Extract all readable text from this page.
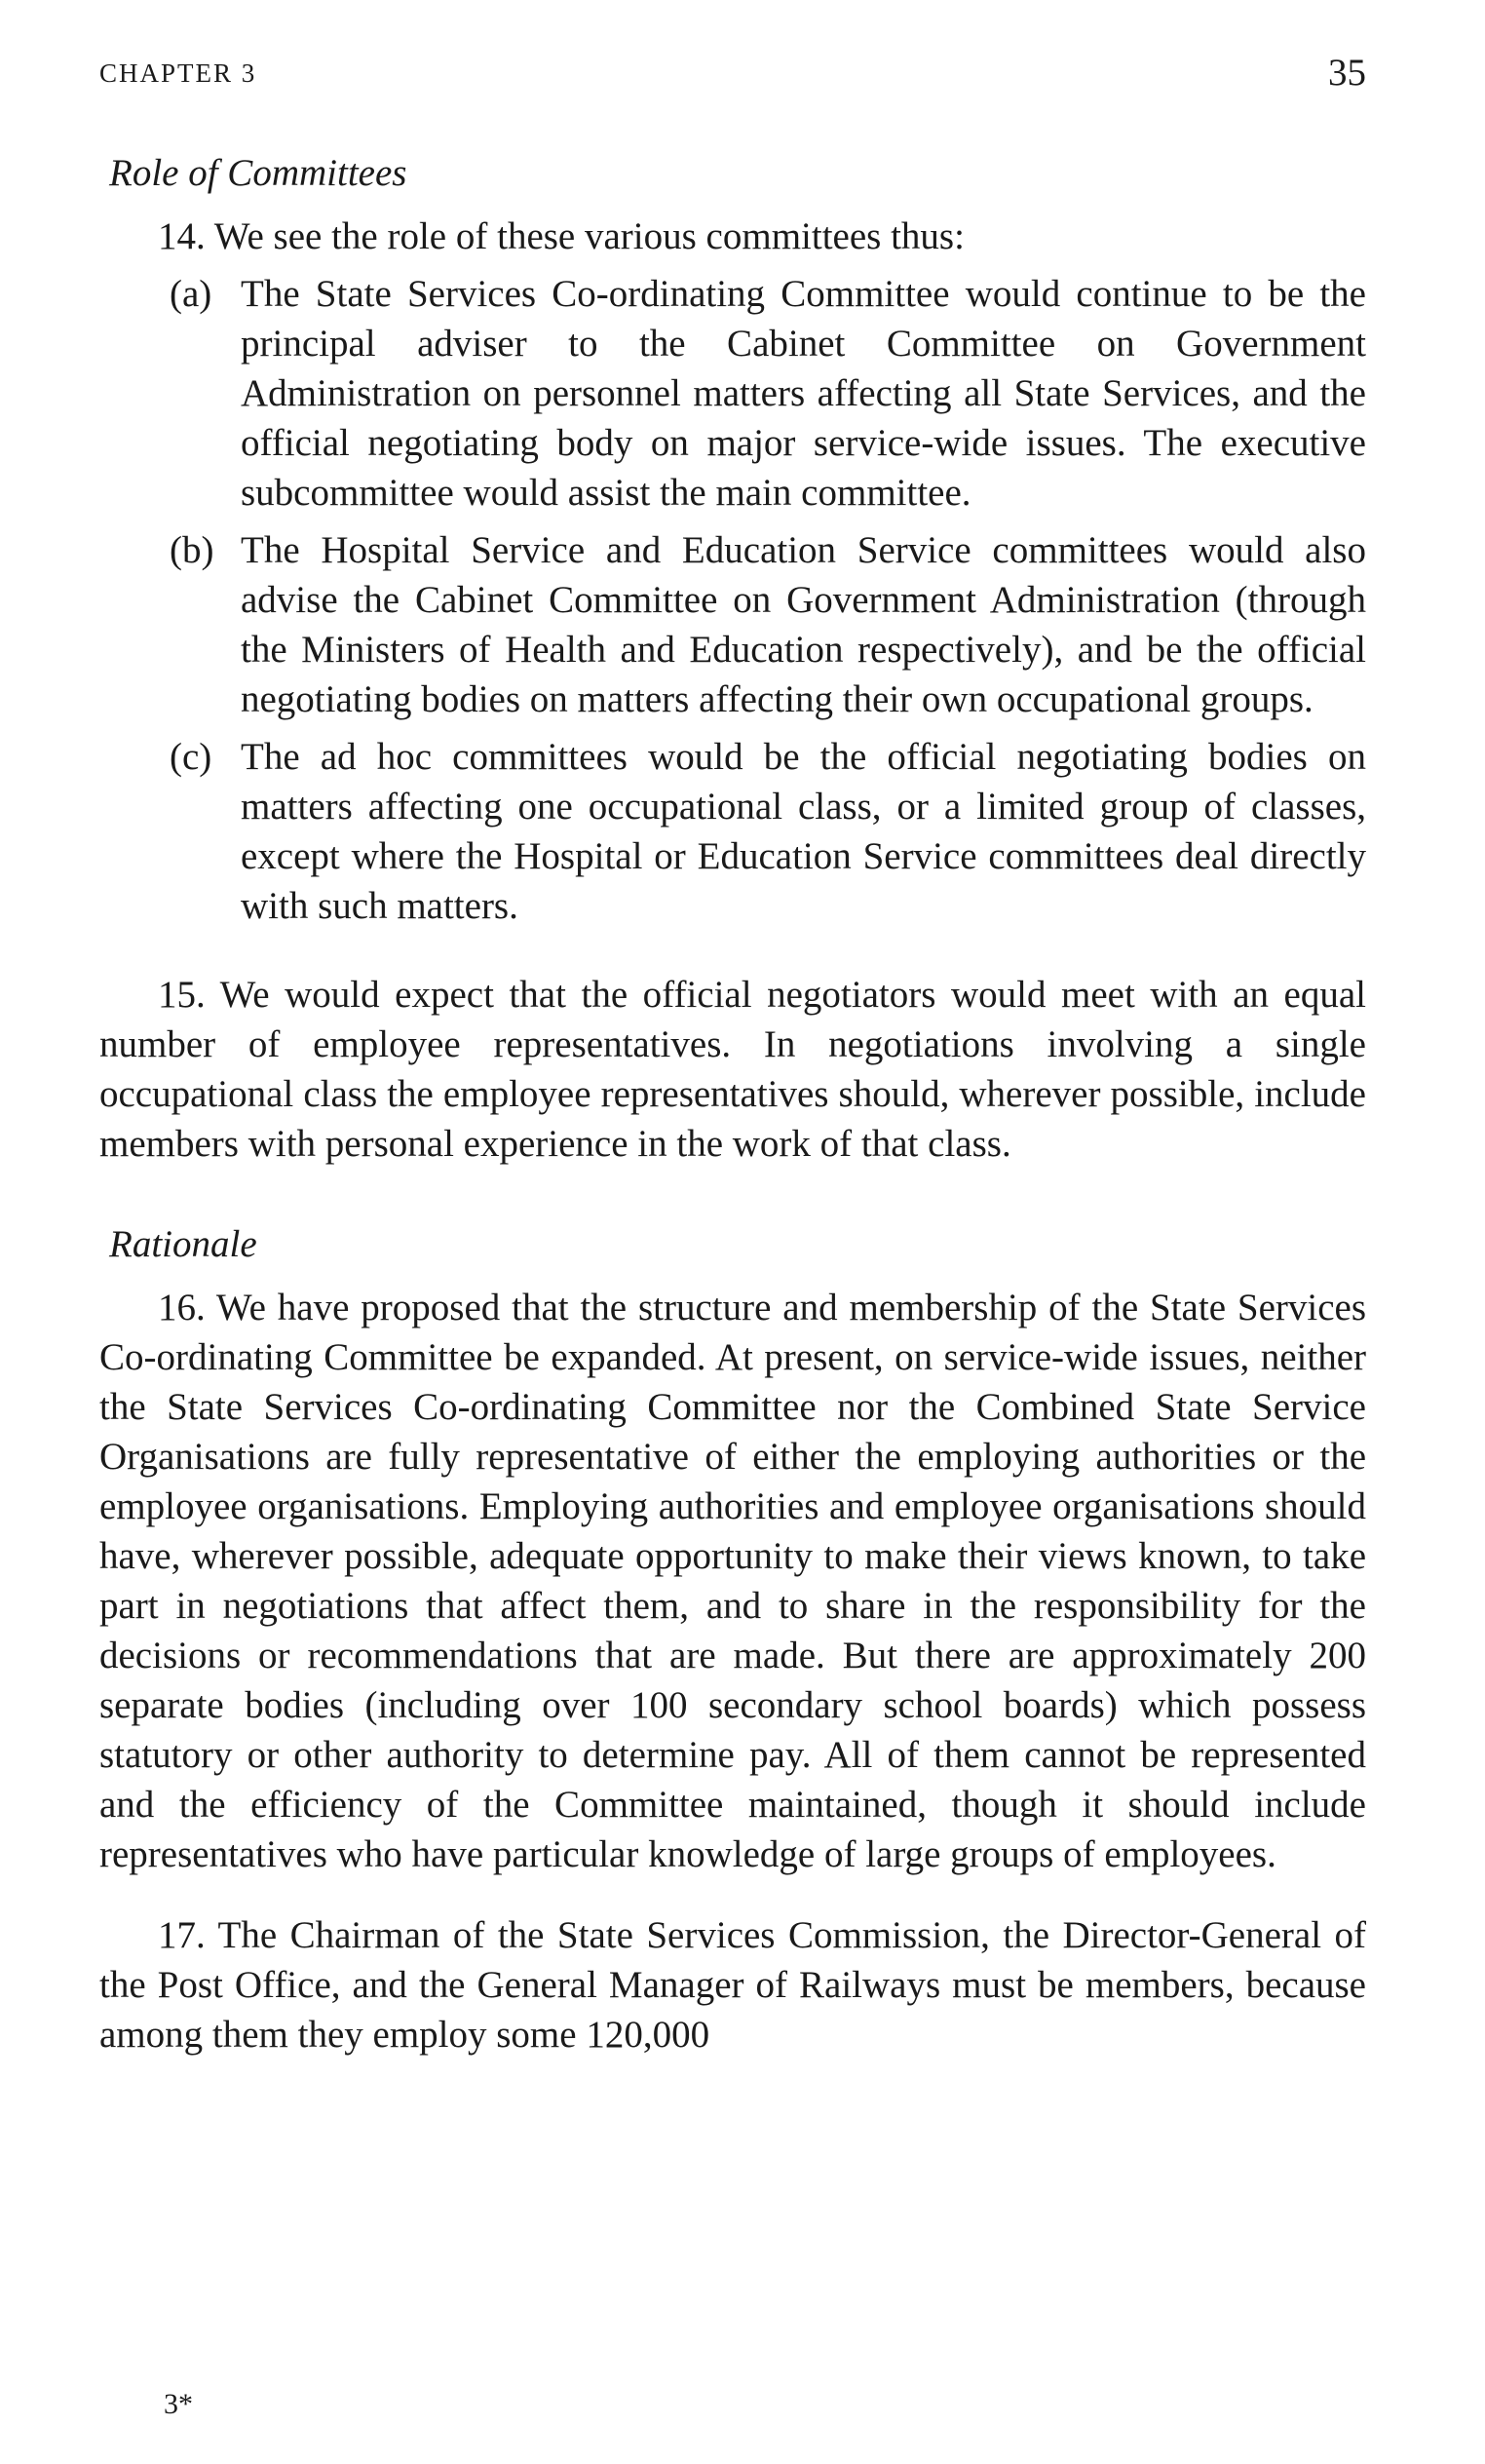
CHAPTER 3	35
Role of Committees

14. We see the role of these various committees thus:

(a) The State Services Co-ordinating Committee would continue to be the principal adviser to the Cabinet Committee on Government Administration on personnel matters affecting all State Services, and the official negotiating body on major service-wide issues. The executive subcommittee would assist the main committee.
(b) The Hospital Service and Education Service committees would also advise the Cabinet Committee on Government Administration (through the Ministers of Health and Education respectively), and be the official negotiating bodies on matters affecting their own occupational groups.
(c) The ad hoc committees would be the official negotiating bodies on matters affecting one occupational class, or a limited group of classes, except where the Hospital or Education Service committees deal directly with such matters.

15. We would expect that the official negotiators would meet with an equal number of employee representatives. In negotiations involving a single occupational class the employee representatives should, wherever possible, include members with personal experience in the work of that class.

Rationale

16. We have proposed that the structure and membership of the State Services Co-ordinating Committee be expanded. At present, on service-wide issues, neither the State Services Co-ordinating Committee nor the Combined State Service Organisations are fully representative of either the employing authorities or the employee organisations. Employing authorities and employee organisations should have, wherever possible, adequate opportunity to make their views known, to take part in negotiations that affect them, and to share in the responsibility for the decisions or recommendations that are made. But there are approximately 200 separate bodies (including over 100 secondary school boards) which possess statutory or other authority to determine pay. All of them cannot be represented and the efficiency of the Committee maintained, though it should include representatives who have particular knowledge of large groups of employees.

17. The Chairman of the State Services Commission, the Director-General of the Post Office, and the General Manager of Railways must be members, because among them they employ some 120,000

3*
